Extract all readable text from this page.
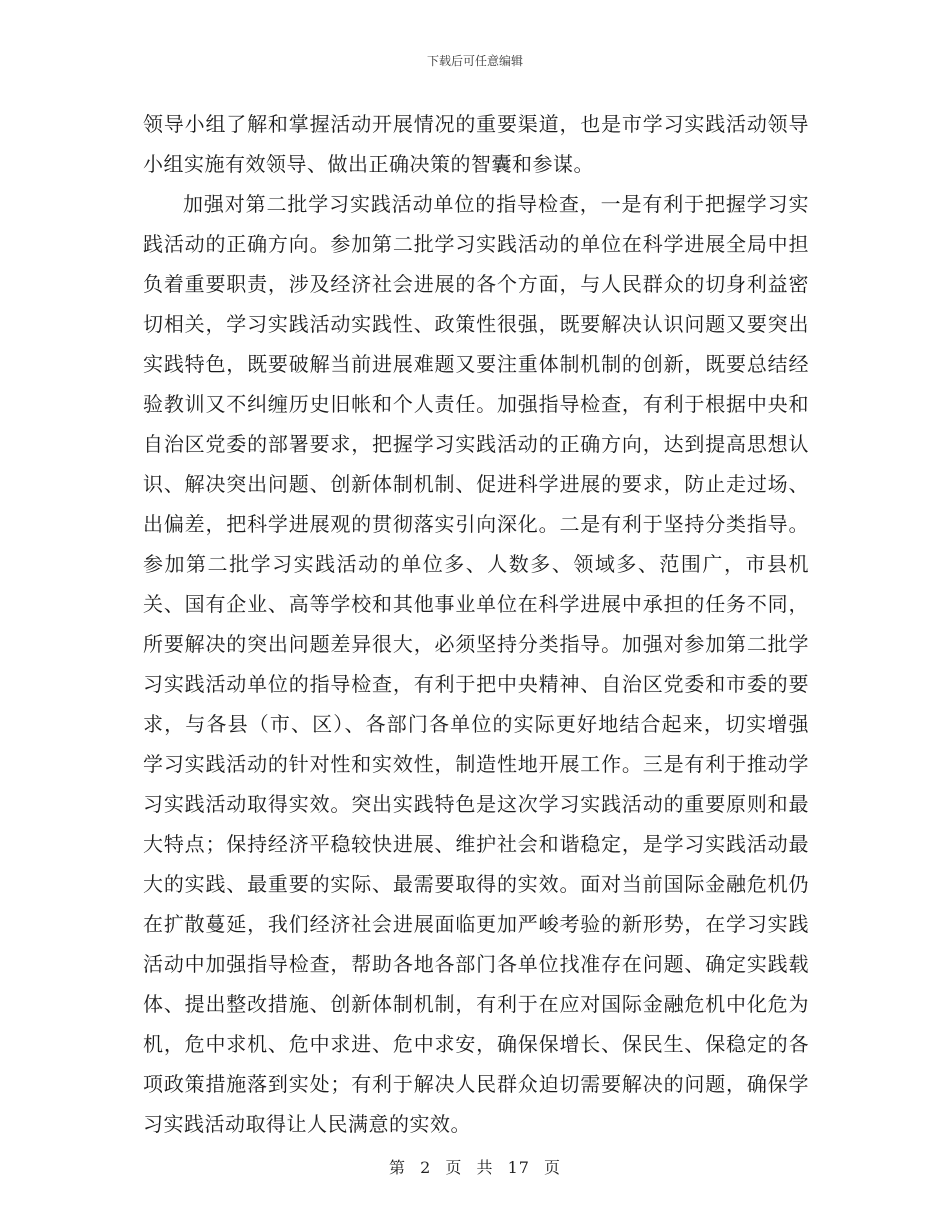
下载后可任意编辑

领导小组了解和掌握活动开展情况的重要渠道，也是市学习实践活动领导小组实施有效领导、做出正确决策的智囊和参谋。

加强对第二批学习实践活动单位的指导检查，一是有利于把握学习实践活动的正确方向。参加第二批学习实践活动的单位在科学进展全局中担负着重要职责，涉及经济社会进展的各个方面，与人民群众的切身利益密切相关，学习实践活动实践性、政策性很强，既要解决认识问题又要突出实践特色，既要破解当前进展难题又要注重体制机制的创新，既要总结经验教训又不纠缠历史旧帐和个人责任。加强指导检查，有利于根据中央和自治区党委的部署要求，把握学习实践活动的正确方向，达到提高思想认识、解决突出问题、创新体制机制、促进科学进展的要求，防止走过场、出偏差，把科学进展观的贯彻落实引向深化。二是有利于坚持分类指导。参加第二批学习实践活动的单位多、人数多、领域多、范围广，市县机关、国有企业、高等学校和其他事业单位在科学进展中承担的任务不同，所要解决的突出问题差异很大，必须坚持分类指导。加强对参加第二批学习实践活动单位的指导检查，有利于把中央精神、自治区党委和市委的要求，与各县（市、区）、各部门各单位的实际更好地结合起来，切实增强学习实践活动的针对性和实效性，制造性地开展工作。三是有利于推动学习实践活动取得实效。突出实践特色是这次学习实践活动的重要原则和最大特点；保持经济平稳较快进展、维护社会和谐稳定，是学习实践活动最大的实践、最重要的实际、最需要取得的实效。面对当前国际金融危机仍在扩散蔓延，我们经济社会进展面临更加严峻考验的新形势，在学习实践活动中加强指导检查，帮助各地各部门各单位找准存在问题、确定实践载体、提出整改措施、创新体制机制，有利于在应对国际金融危机中化危为机，危中求机、危中求进、危中求安，确保保增长、保民生、保稳定的各项政策措施落到实处；有利于解决人民群众迫切需要解决的问题，确保学习实践活动取得让人民满意的实效。

第 2 页 共 17 页
